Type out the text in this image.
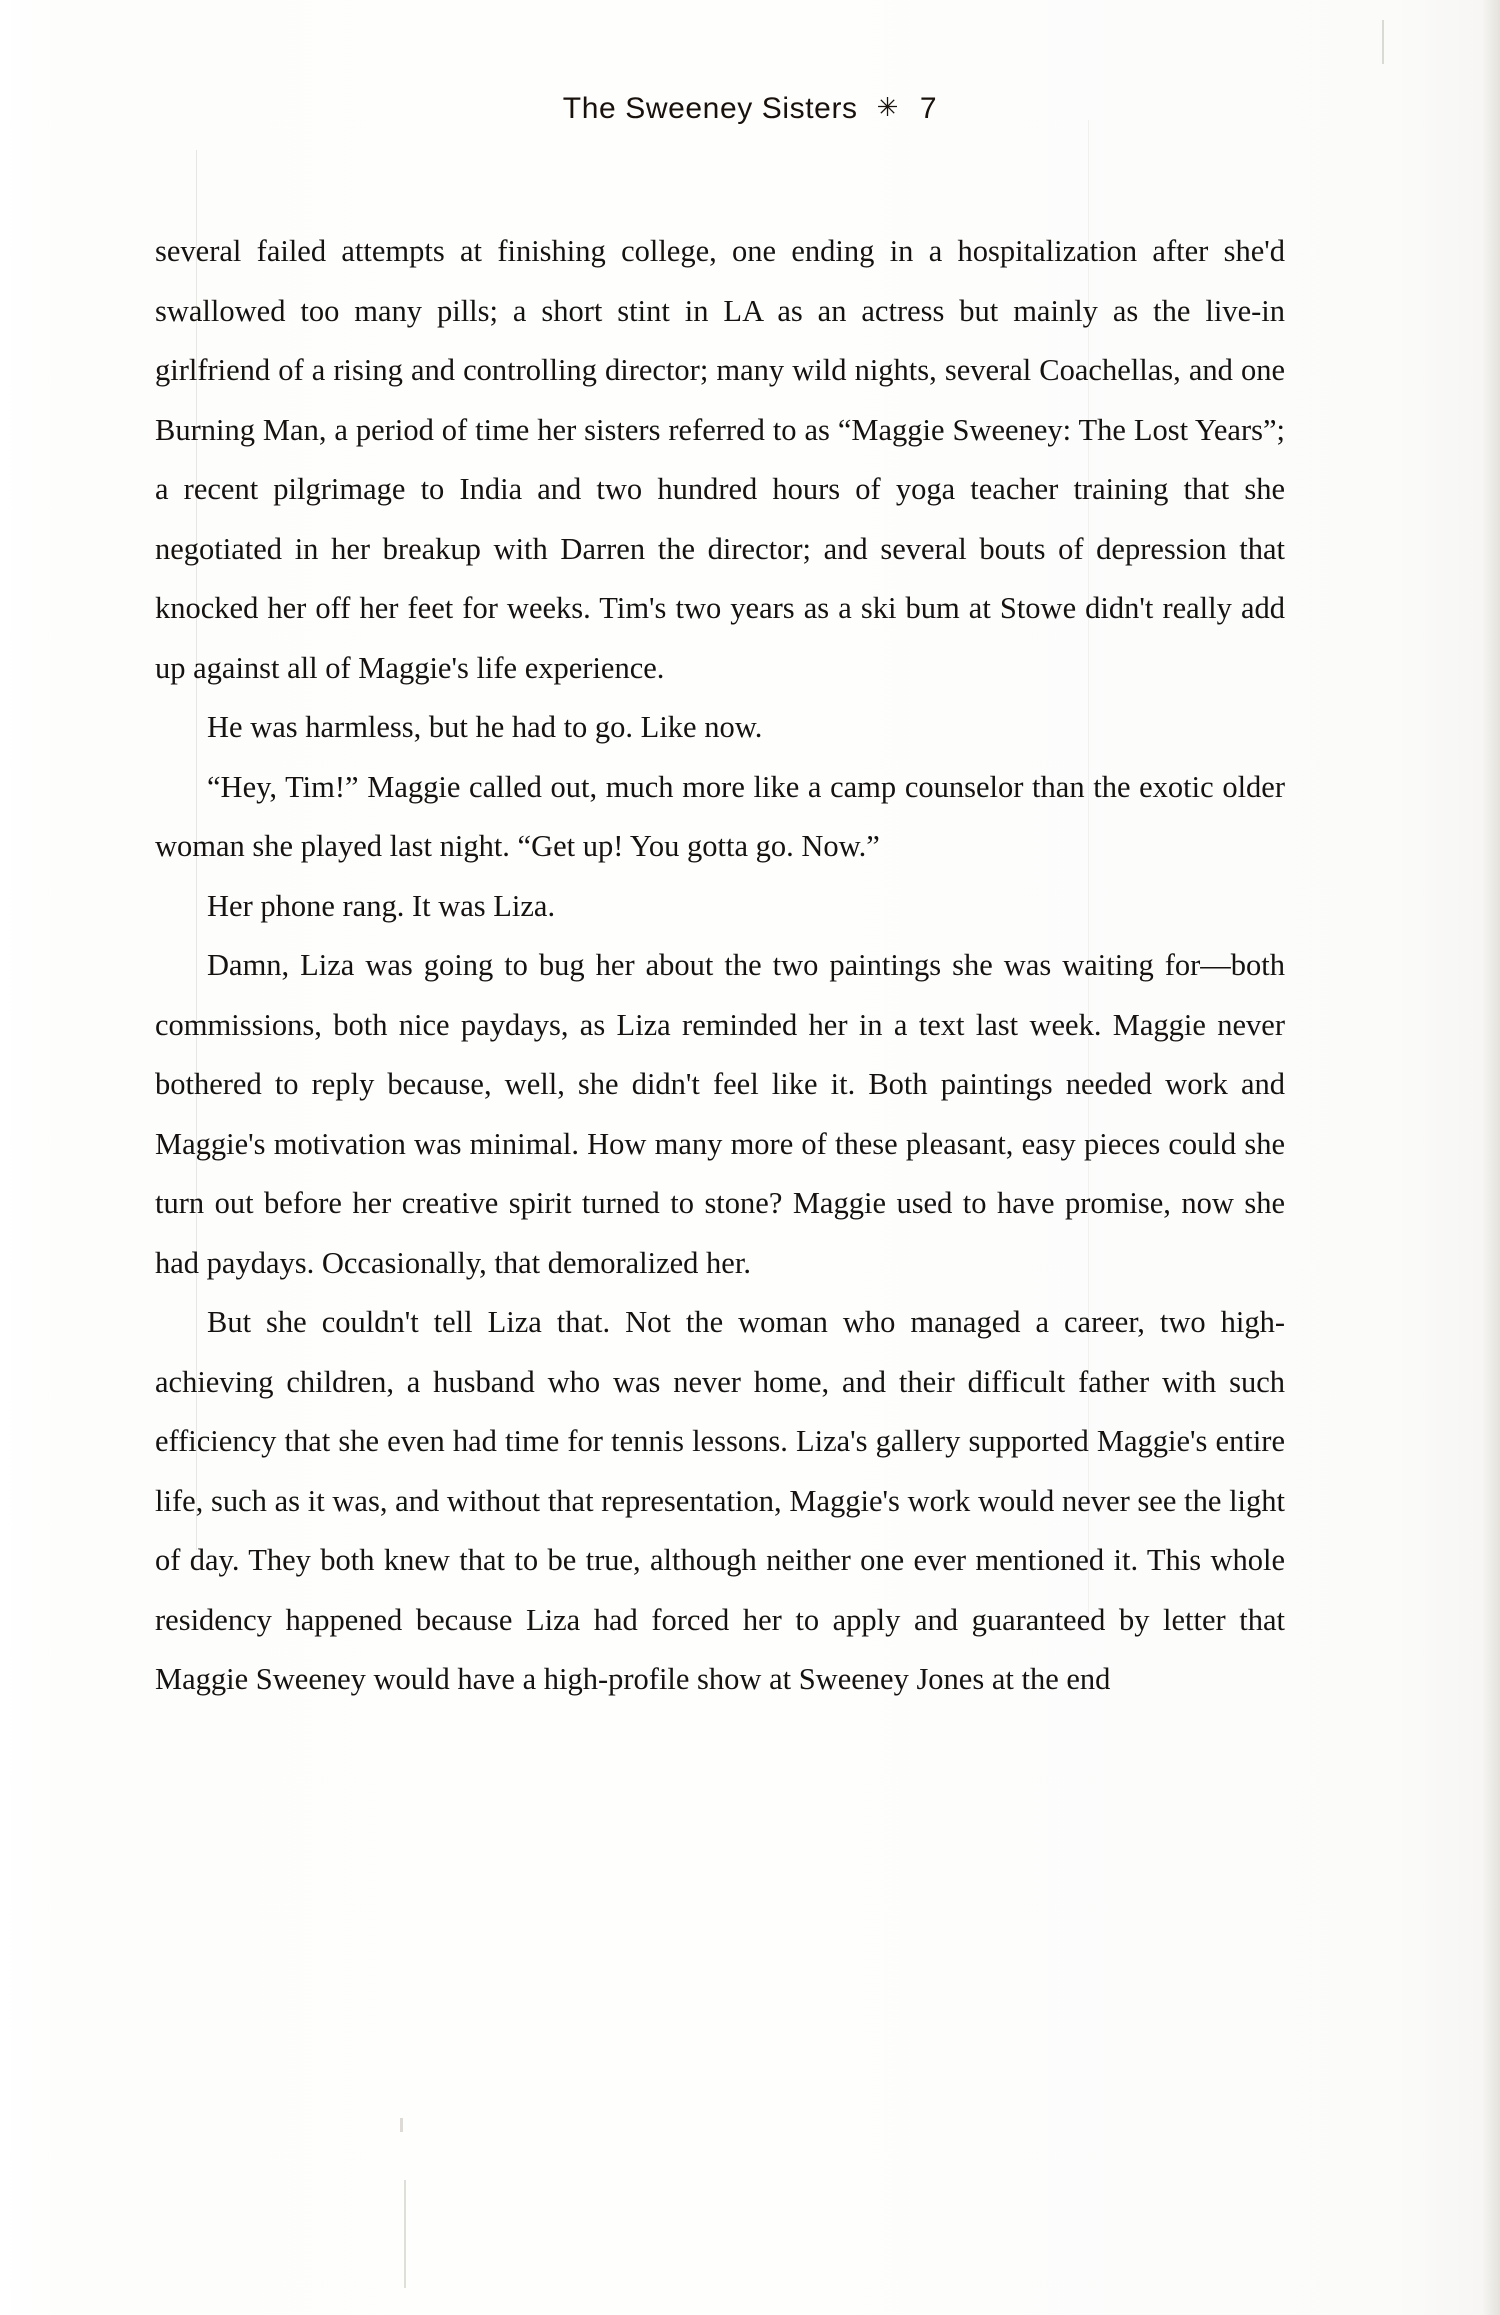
The Sweeney Sisters ✳ 7

several failed attempts at finishing college, one ending in a hospitalization after she'd swallowed too many pills; a short stint in LA as an actress but mainly as the live-in girlfriend of a rising and controlling director; many wild nights, several Coachellas, and one Burning Man, a period of time her sisters referred to as “Maggie Sweeney: The Lost Years”; a recent pilgrimage to India and two hundred hours of yoga teacher training that she negotiated in her breakup with Darren the director; and several bouts of depression that knocked her off her feet for weeks. Tim's two years as a ski bum at Stowe didn't really add up against all of Maggie's life experience.

He was harmless, but he had to go. Like now.

“Hey, Tim!” Maggie called out, much more like a camp counselor than the exotic older woman she played last night. “Get up! You gotta go. Now.”

Her phone rang. It was Liza.

Damn, Liza was going to bug her about the two paintings she was waiting for—both commissions, both nice paydays, as Liza reminded her in a text last week. Maggie never bothered to reply because, well, she didn't feel like it. Both paintings needed work and Maggie's motivation was minimal. How many more of these pleasant, easy pieces could she turn out before her creative spirit turned to stone? Maggie used to have promise, now she had paydays. Occasionally, that demoralized her.

But she couldn't tell Liza that. Not the woman who managed a career, two high-achieving children, a husband who was never home, and their difficult father with such efficiency that she even had time for tennis lessons. Liza's gallery supported Maggie's entire life, such as it was, and without that representation, Maggie's work would never see the light of day. They both knew that to be true, although neither one ever mentioned it. This whole residency happened because Liza had forced her to apply and guaranteed by letter that Maggie Sweeney would have a high-profile show at Sweeney Jones at the end
